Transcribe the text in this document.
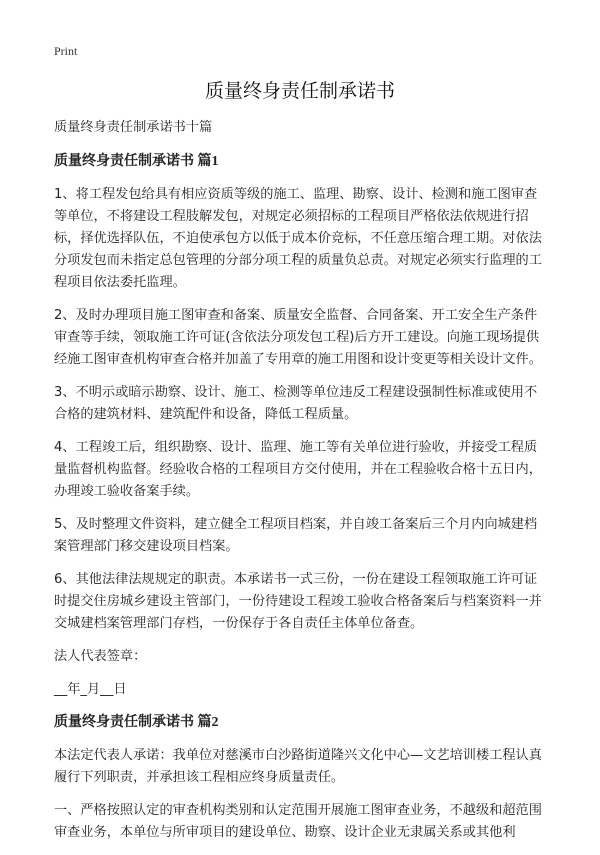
Print
质量终身责任制承诺书

质量终身责任制承诺书十篇

质量终身责任制承诺书 篇1

1、将工程发包给具有相应资质等级的施工、监理、勘察、设计、检测和施工图审查等单位，不将建设工程肢解发包，对规定必须招标的工程项目严格依法依规进行招标，择优选择队伍，不迫使承包方以低于成本价竞标，不任意压缩合理工期。对依法分项发包而未指定总包管理的分部分项工程的质量负总责。对规定必须实行监理的工程项目依法委托监理。

2、及时办理项目施工图审查和备案、质量安全监督、合同备案、开工安全生产条件审查等手续，领取施工许可证(含依法分项发包工程)后方开工建设。向施工现场提供经施工图审查机构审查合格并加盖了专用章的施工用图和设计变更等相关设计文件。

3、不明示或暗示勘察、设计、施工、检测等单位违反工程建设强制性标准或使用不合格的建筑材料、建筑配件和设备，降低工程质量。

4、工程竣工后，组织勘察、设计、监理、施工等有关单位进行验收，并接受工程质量监督机构监督。经验收合格的工程项目方交付使用，并在工程验收合格十五日内，办理竣工验收备案手续。

5、及时整理文件资料，建立健全工程项目档案，并自竣工备案后三个月内向城建档案管理部门移交建设项目档案。

6、其他法律法规规定的职责。本承诺书一式三份，一份在建设工程领取施工许可证时提交住房城乡建设主管部门，一份待建设工程竣工验收合格备案后与档案资料一并交城建档案管理部门存档，一份保存于各自责任主体单位备查。

法人代表签章：

__年_月__日

质量终身责任制承诺书 篇2

本法定代表人承诺：我单位对慈溪市白沙路街道隆兴文化中心—文艺培训楼工程认真履行下列职责，并承担该工程相应终身质量责任。

一、严格按照认定的审查机构类别和认定范围开展施工图审查业务，不越级和超范围审查业务，本单位与所审项目的建设单位、勘察、设计企业无隶属关系或其他利
